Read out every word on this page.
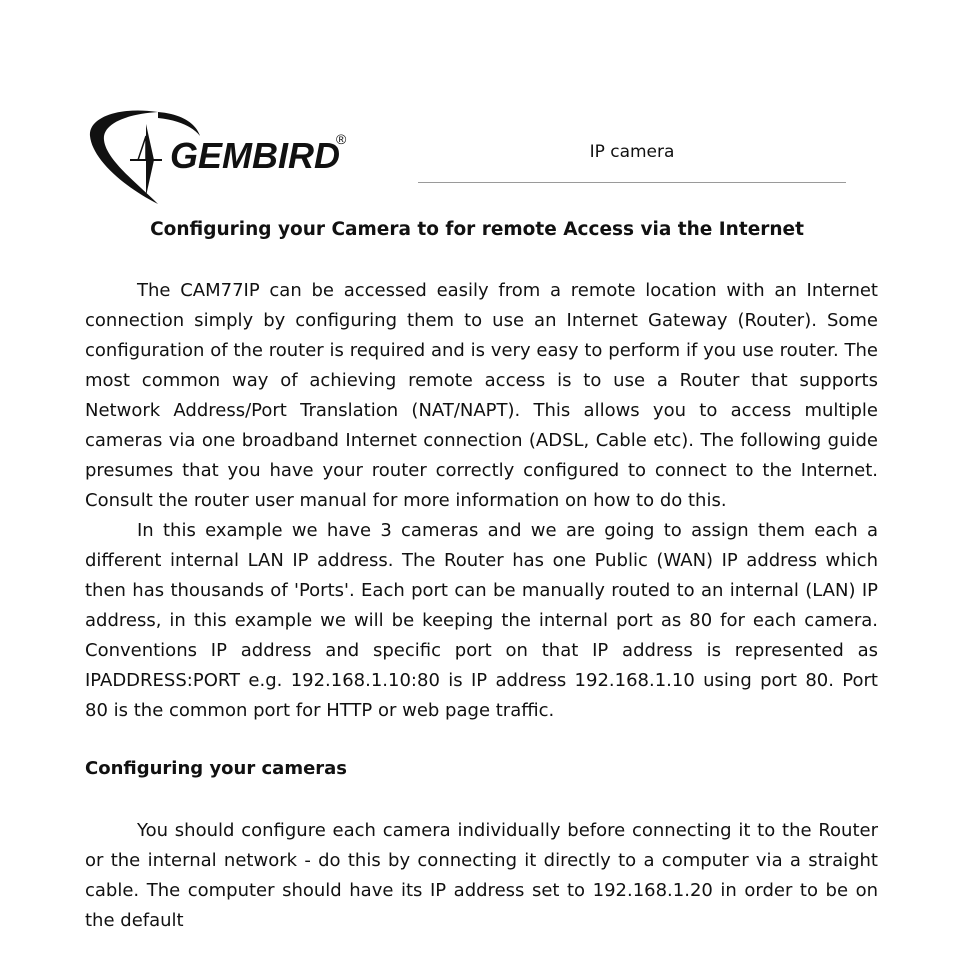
GEMBIRD
®
IP camera
Configuring your Camera to for remote Access via the Internet

The CAM77IP can be accessed easily from a remote location with an Internet connection simply by configuring them to use an Internet Gateway (Router). Some configuration of the router is required and is very easy to perform if you use router. The most common way of achieving remote access is to use a Router that supports Network Address/Port Translation (NAT/NAPT). This allows you to access multiple cameras via one broadband Internet connection (ADSL, Cable etc). The following guide presumes that you have your router correctly configured to connect to the Internet. Consult the router user manual for more information on how to do this.

In this example we have 3 cameras and we are going to assign them each a different internal LAN IP address. The Router has one Public (WAN) IP address which then has thousands of 'Ports'. Each port can be manually routed to an internal (LAN) IP address, in this example we will be keeping the internal port as 80 for each camera. Conventions IP address and specific port on that IP address is represented as IPADDRESS:PORT e.g. 192.168.1.10:80 is IP address 192.168.1.10 using port 80. Port 80 is the common port for HTTP or web page traffic.

Configuring your cameras

You should configure each camera individually before connecting it to the Router or the internal network - do this by connecting it directly to a computer via a straight cable. The computer should have its IP address set to 192.168.1.20 in order to be on the default
